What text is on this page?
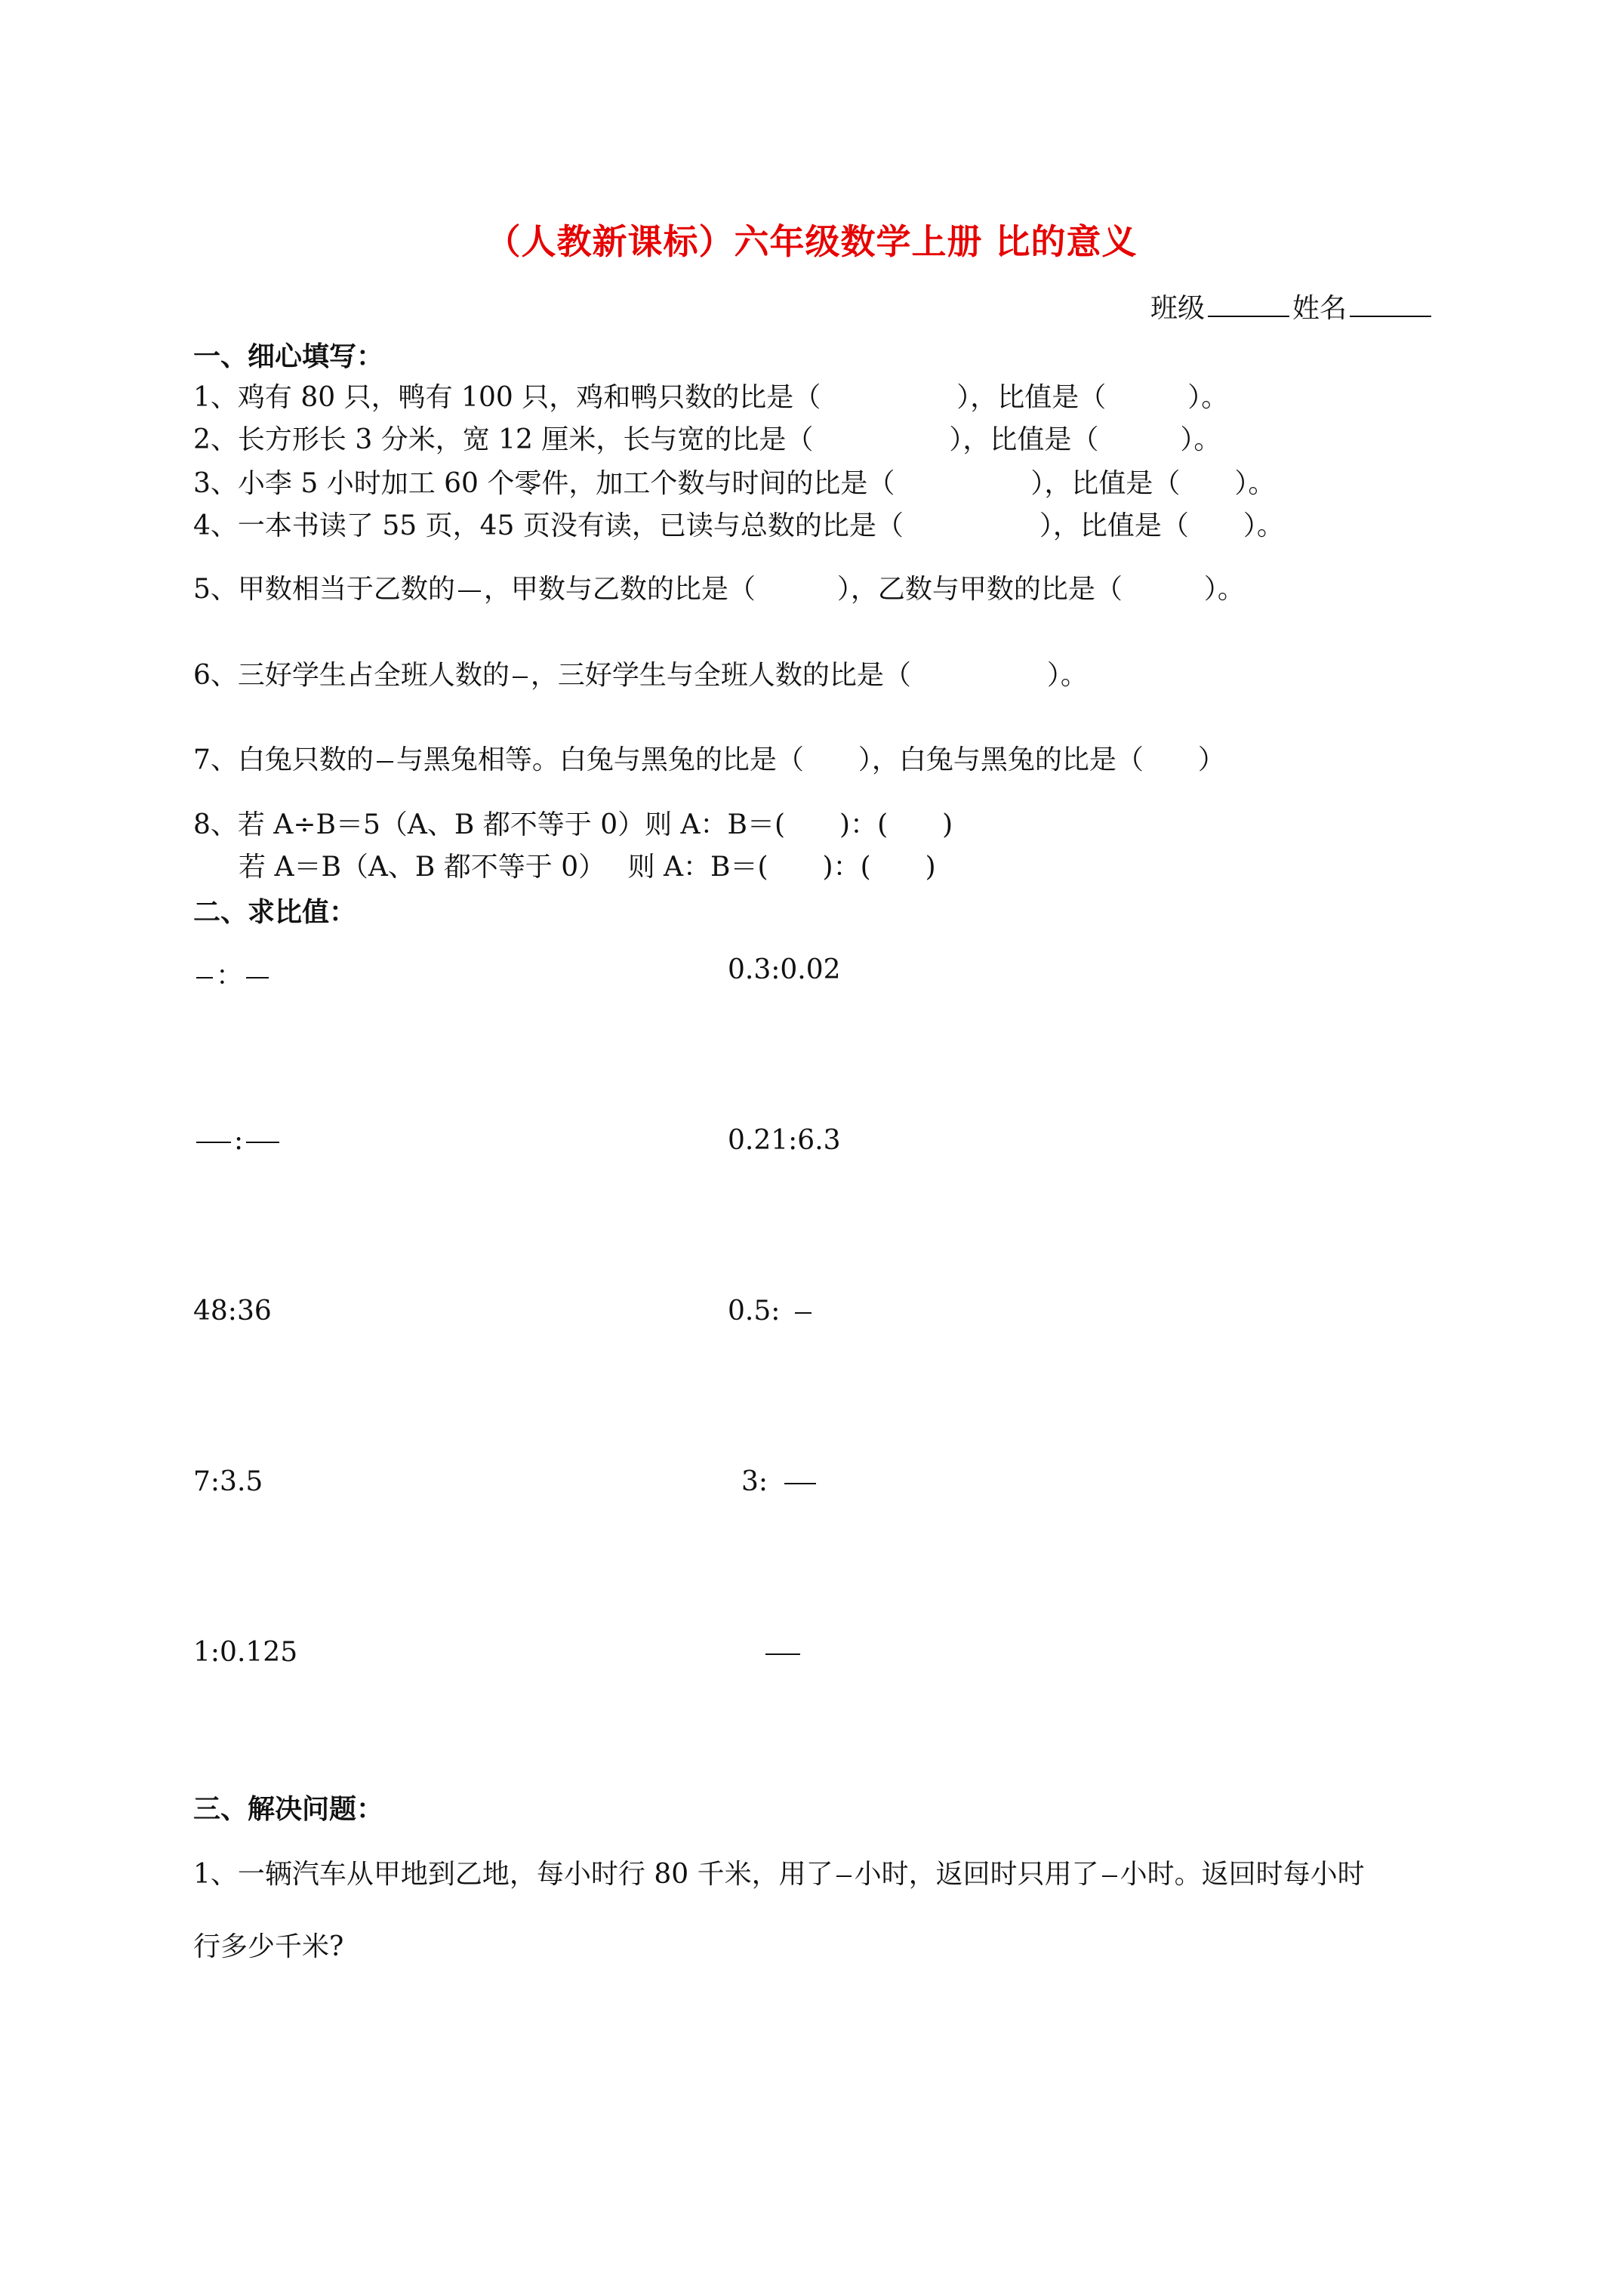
（人教新课标）六年级数学上册 比的意义
班级	姓名
一、细心填写：
1、鸡有 80 只，鸭有 100 只，鸡和鸭只数的比是（　　　　　），比值是（　　　）。
2、长方形长 3 分米，宽 12 厘米，长与宽的比是（　　　　　），比值是（　　　）。
3、小李 5 小时加工 60 个零件，加工个数与时间的比是（　　　　　），比值是（　　）。
4、一本书读了 55 页，45 页没有读，已读与总数的比是（　　　　　），比值是（　　）。
5、甲数相当于乙数的 ，甲数与乙数的比是（　　　），乙数与甲数的比是（　　　）。
6、三好学生占全班人数的 ，三好学生与全班人数的比是（　　　　　）。
7、白兔只数的 与黑兔相等。白兔与黑兔的比是（　　），白兔与黑兔的比是（　　）
8、若 A÷B＝5（A、B 都不等于 0）则 A：B＝(　　)：(　　)
若 A＝B（A、B 都不等于 0）　 则 A：B＝(　　)：(　　)
二、求比值：
：	0.3:0.02
:	0.21:6.3
48:36	0.5:
7:3.5	3:
1:0.125
三、解决问题：
1、一辆汽车从甲地到乙地，每小时行 80 千米，用了 小时，返回时只用了 小时。返回时每小时
行多少千米?
